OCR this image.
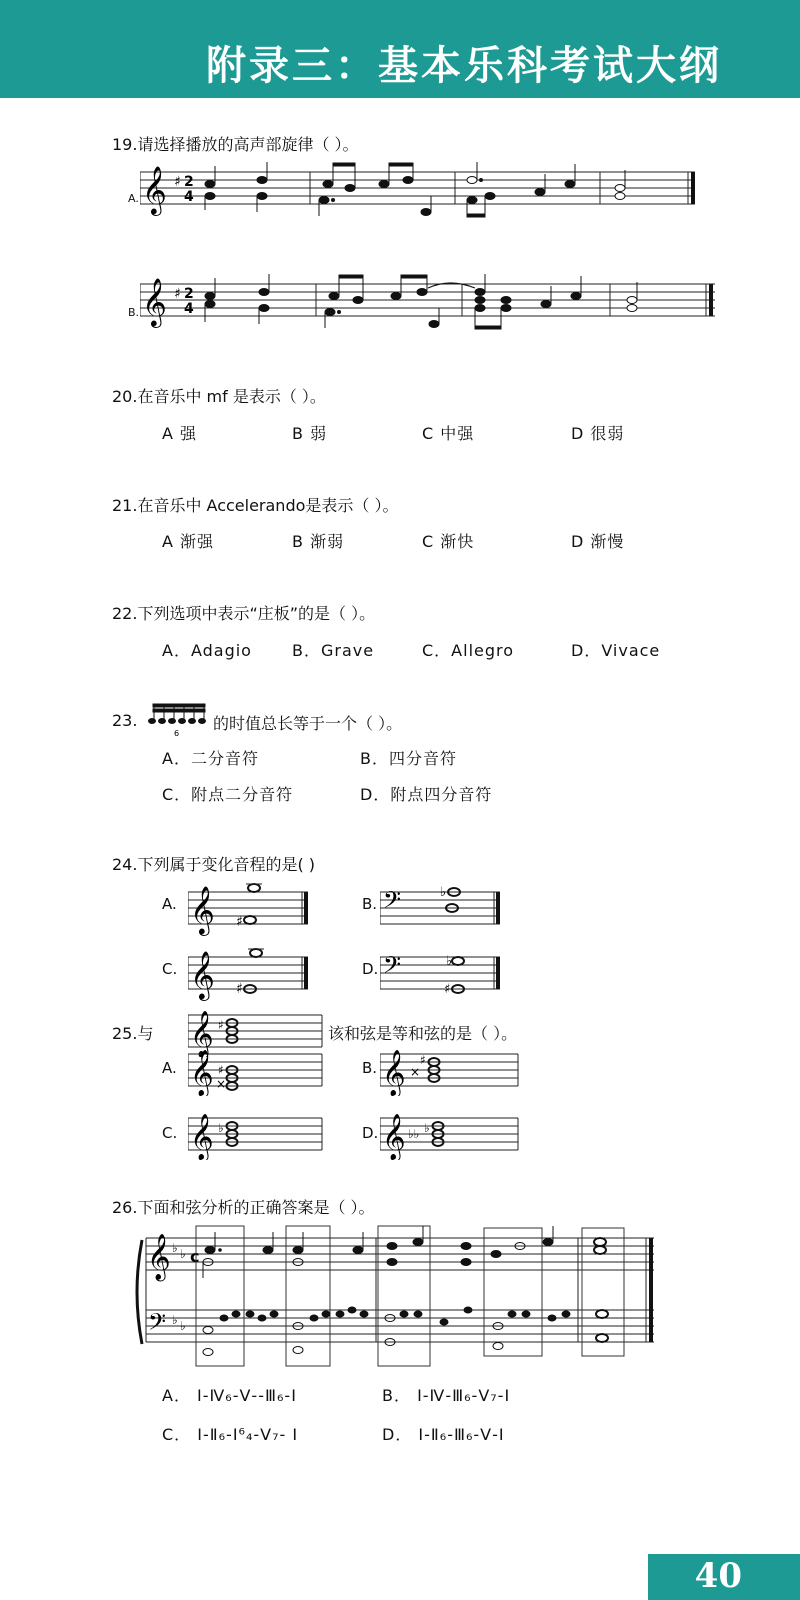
附录三：基本乐科考试大纲
19.请选择播放的高声部旋律（ ）。
A. 𝄞 ♯ 2
4
B. 𝄞 ♯ 2
4
20.在音乐中 mf 是表示（ ）。
A 强	B 弱	C 中强	D 很弱
21.在音乐中 Accelerando是表示（ ）。
A 渐强	B 渐弱	C 渐快	D 渐慢
22.下列选项中表示“庄板”的是（ ）。
A．Adagio	B．Grave	C．Allegro	D．Vivace
23.
6
的时值总长等于一个（ ）。
A．二分音符	B．四分音符
C．附点二分音符	D．附点四分音符
24.下列属于变化音程的是( )
A. 𝄞 ♯
B. 𝄢	♭
C. 𝄞 ♯
D. 𝄢	♭
♯
25.与 𝄞 ♯	该和弦是等和弦的是（ ）。
A. 𝄞 ♯
×
B. 𝄞 ×
♯
C. 𝄞 ♭	D. 𝄞 ♭♭ ♭
26.下面和弦分析的正确答案是（ ）。
𝄞
𝄢
♭ ♭
♭ ♭
c
A． Ⅰ-Ⅳ₆-Ⅴ--Ⅲ₆-Ⅰ	B． Ⅰ-Ⅳ-Ⅲ₆-Ⅴ₇-Ⅰ
C． Ⅰ-Ⅱ₆-Ⅰ⁶₄-Ⅴ₇- Ⅰ	D． Ⅰ-Ⅱ₆-Ⅲ₆-Ⅴ-Ⅰ
40
